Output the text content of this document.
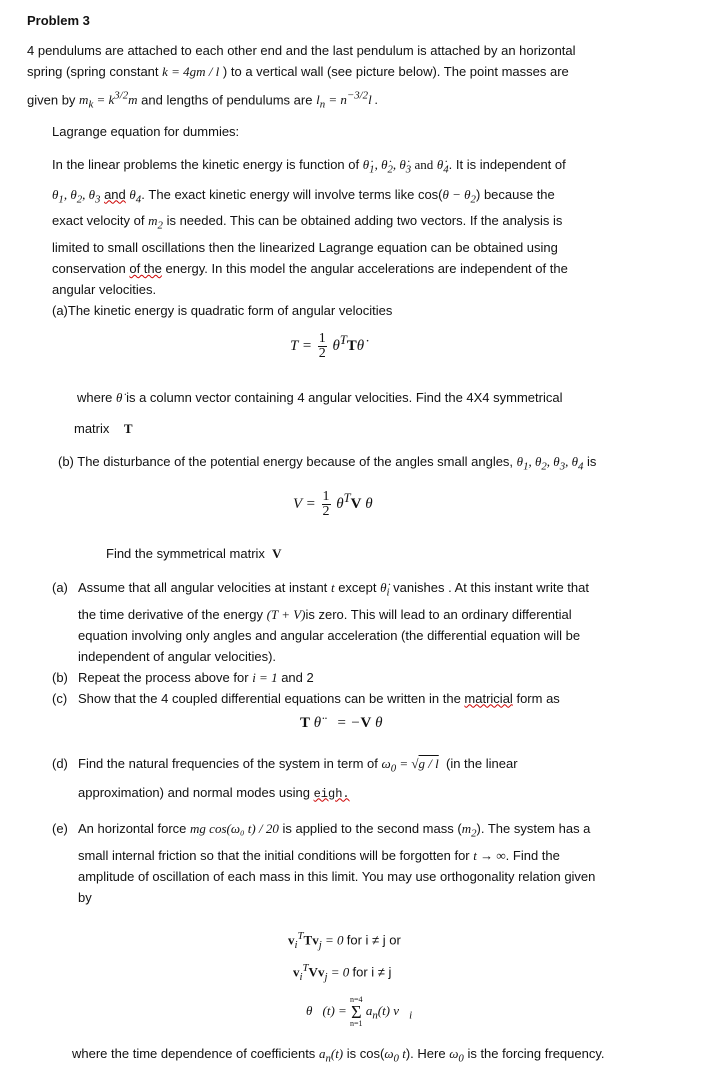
Problem 3
4 pendulums are attached to each other end and the last pendulum is attached by an horizontal
spring (spring constant k = 4gm / l ) to a vertical wall (see picture below). The point masses are
given by $m_k = k^{3/2}m$ and lengths of pendulums are $l_n = n^{-3/2}l$ .
Lagrange equation for dummies:
In the linear problems the kinetic energy is function of $\thetȧ_1$, $\thetȧ_2$, $\thetȧ_3$ and $\thetȧ_4$. It is independent of
$\theta_1$, $\theta_2$, $\theta_3$ and $\theta_4$. The exact kinetic energy will involve terms like $\cos(\theta - \theta_2)$ because the
exact velocity of $m_2$ is needed. This can be obtained adding two vectors. If the analysis is
limited to small oscillations then the linearized Lagrange equation can be obtained using
conservation of the energy. In this model the angular accelerations are independent of the
angular velocities.
(a)The kinetic energy is quadratic form of angular velocities
$T = \frac{1}{2}$ θ̇$^T$Tθ̇
where θ̇ is a column vector containing 4 angular velocities. Find the 4X4 symmetrical
matrix T
(b) The disturbance of the potential energy because of the angles small angles, $\theta_1$, $\theta_2$, $\theta_3$, $\theta_4$ is
$V = \frac{1}{2} \theta^TV$ θ
Find the symmetrical matrix V
(a) Assume that all angular velocities at instant t except $\thetȧ_i$ vanishes . At this instant write that
the time derivative of the energy (T + V)is zero. This will lead to an ordinary differential
equation involving only angles and angular acceleration (the differential equation will be
independent of angular velocities).
(b) Repeat the process above for i = 1 and 2
(c) Show that the 4 coupled differential equations can be written in the matricial form as
T θ̈⃗ = −V θ⃗
(d) Find the natural frequencies of the system in term of $\omega_0 = √g / l$ (in the linear
approximation) and normal modes using eigh.
(e) An horizontal force mg cos(ω₀ t) / 20 is applied to the second mass $(m_2)$. The system has a
small internal friction so that the initial conditions will be forgotten for t → ∞. Find the
amplitude of oscillation of each mass in this limit. You may use orthogonality relation given
by
$v_i^TTv_j = 0$ for i ≠ j or
$v_i^TVv_j = 0$ for i ≠ j
θ⃗(t) =
n=4
Σ
n=1
$a_n(t)$ $v⃗_i$
where the time dependence of coefficients $a_n(t)$ is $\cos(\omega_0$ t). Here $\omega_0$ is the forcing frequency.
